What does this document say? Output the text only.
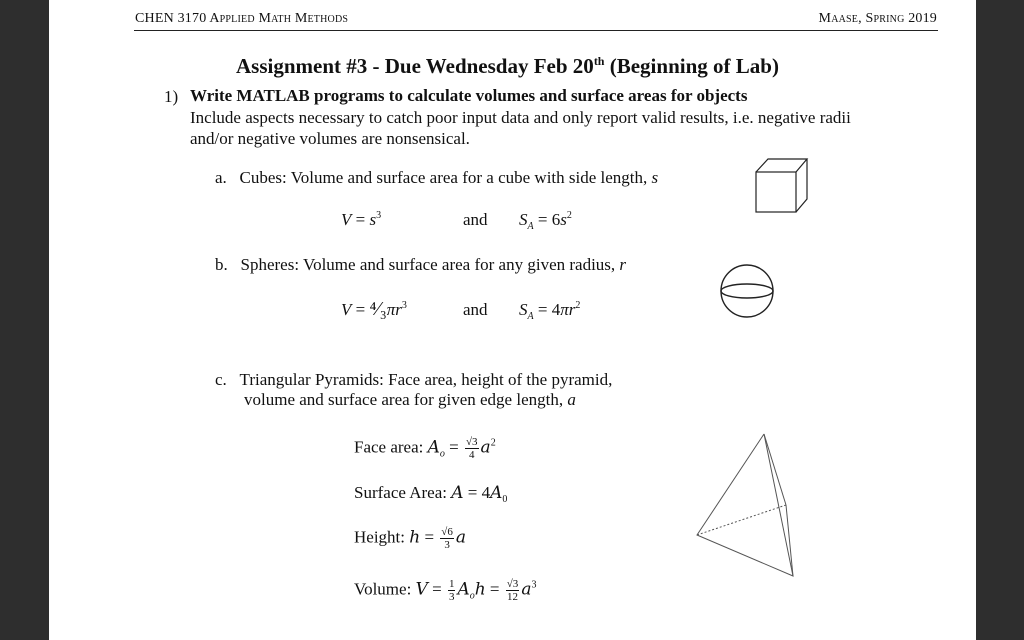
CHEN 3170 Applied Math Methods	Maase, Spring 2019
Assignment #3 - Due Wednesday Feb 20th (Beginning of Lab)
1) Write MATLAB programs to calculate volumes and surface areas for objects
Include aspects necessary to catch poor input data and only report valid results, i.e. negative radii and/or negative volumes are nonsensical.
a. Cubes: Volume and surface area for a cube with side length, s
$V = s^3$	and $S_A = 6s^2$
b. Spheres: Volume and surface area for any given radius, r
$V = ^4⁄_3\pi r^3$	and $S_A = 4\pi r^2$
c. Triangular Pyramids: Face area, height of the pyramid,
volume and surface area for given edge length, a
Face area: $A_o = \frac{√3}{4} a^2$
Surface Area: $A = 4A_0$
Height: $h = \frac{√6}{3}$ a
Volume: $V = \frac{1}{3} A_oh = \frac{√3}{12} a^3$
